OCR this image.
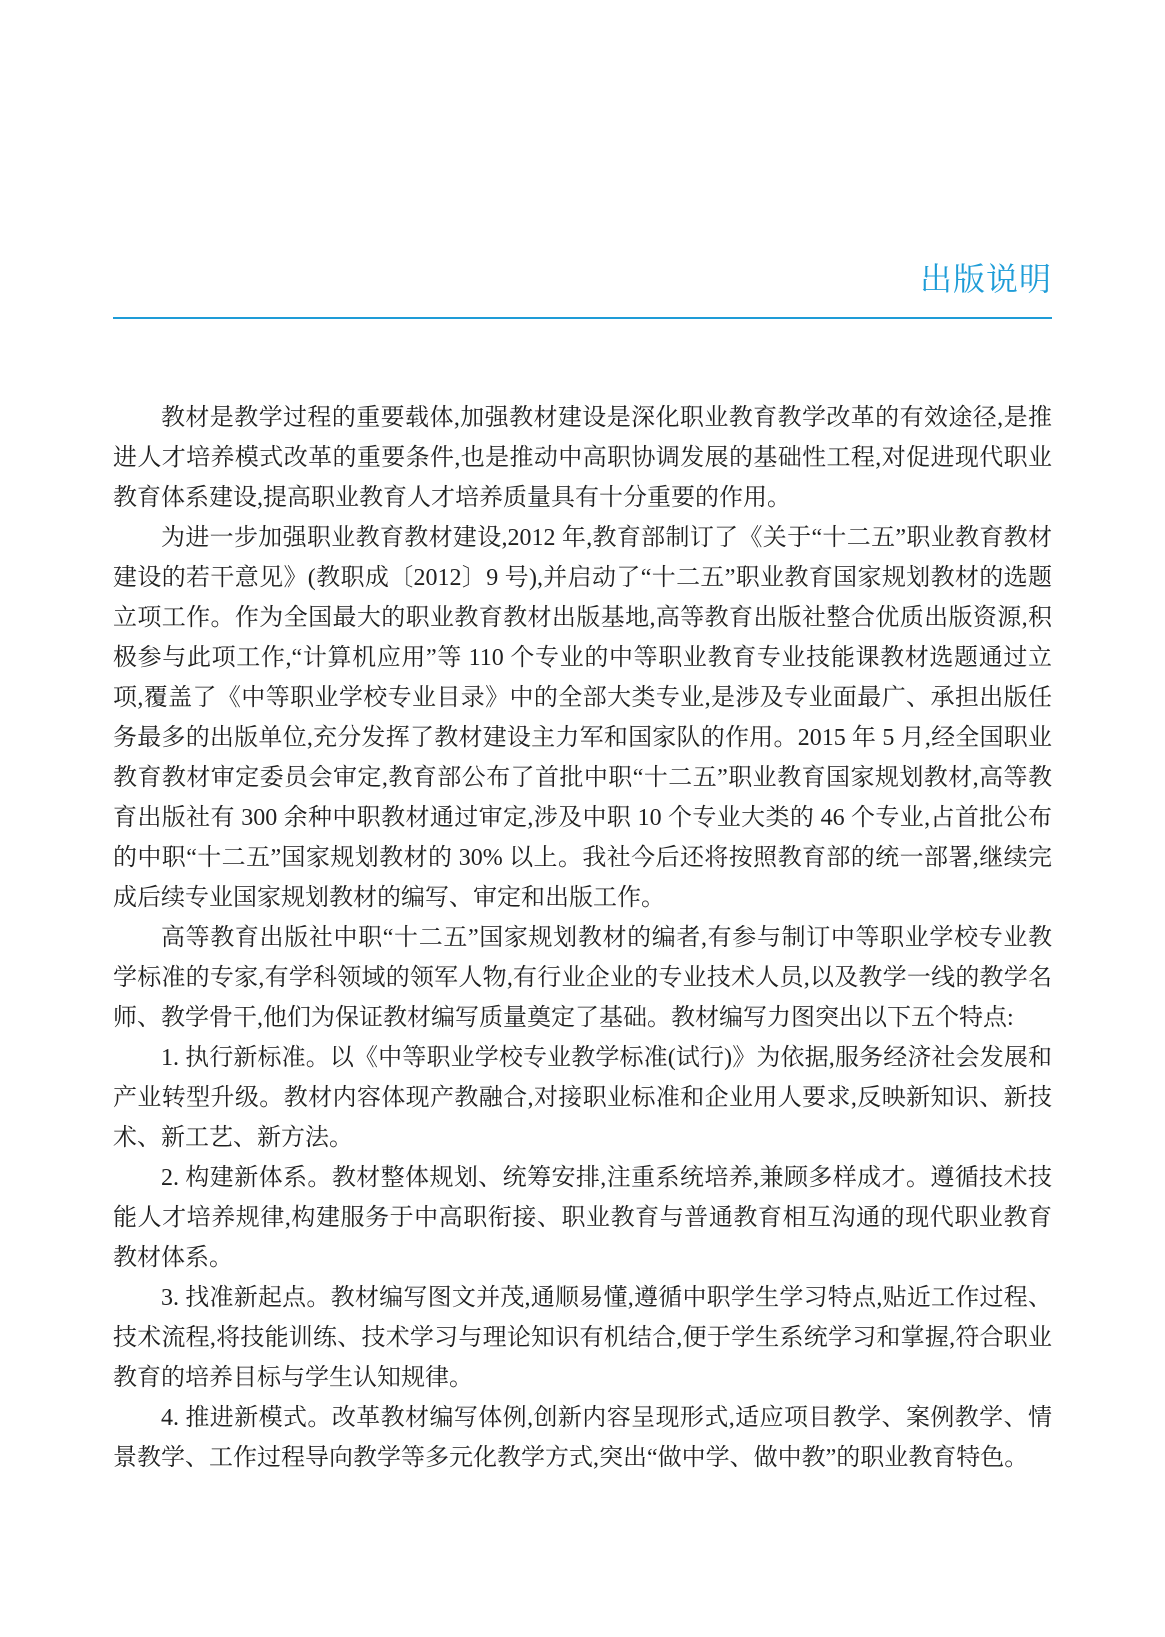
出版说明

教材是教学过程的重要载体,加强教材建设是深化职业教育教学改革的有效途径,是推进人才培养模式改革的重要条件,也是推动中高职协调发展的基础性工程,对促进现代职业教育体系建设,提高职业教育人才培养质量具有十分重要的作用。

为进一步加强职业教育教材建设,2012 年,教育部制订了《关于“十二五”职业教育教材建设的若干意见》(教职成〔2012〕9 号),并启动了“十二五”职业教育国家规划教材的选题立项工作。作为全国最大的职业教育教材出版基地,高等教育出版社整合优质出版资源,积极参与此项工作,“计算机应用”等 110 个专业的中等职业教育专业技能课教材选题通过立项,覆盖了《中等职业学校专业目录》中的全部大类专业,是涉及专业面最广、承担出版任务最多的出版单位,充分发挥了教材建设主力军和国家队的作用。2015 年 5 月,经全国职业教育教材审定委员会审定,教育部公布了首批中职“十二五”职业教育国家规划教材,高等教育出版社有 300 余种中职教材通过审定,涉及中职 10 个专业大类的 46 个专业,占首批公布的中职“十二五”国家规划教材的 30% 以上。我社今后还将按照教育部的统一部署,继续完成后续专业国家规划教材的编写、审定和出版工作。

高等教育出版社中职“十二五”国家规划教材的编者,有参与制订中等职业学校专业教学标准的专家,有学科领域的领军人物,有行业企业的专业技术人员,以及教学一线的教学名师、教学骨干,他们为保证教材编写质量奠定了基础。教材编写力图突出以下五个特点:

1. 执行新标准。以《中等职业学校专业教学标准(试行)》为依据,服务经济社会发展和产业转型升级。教材内容体现产教融合,对接职业标准和企业用人要求,反映新知识、新技术、新工艺、新方法。

2. 构建新体系。教材整体规划、统筹安排,注重系统培养,兼顾多样成才。遵循技术技能人才培养规律,构建服务于中高职衔接、职业教育与普通教育相互沟通的现代职业教育教材体系。

3. 找准新起点。教材编写图文并茂,通顺易懂,遵循中职学生学习特点,贴近工作过程、技术流程,将技能训练、技术学习与理论知识有机结合,便于学生系统学习和掌握,符合职业教育的培养目标与学生认知规律。

4. 推进新模式。改革教材编写体例,创新内容呈现形式,适应项目教学、案例教学、情景教学、工作过程导向教学等多元化教学方式,突出“做中学、做中教”的职业教育特色。
